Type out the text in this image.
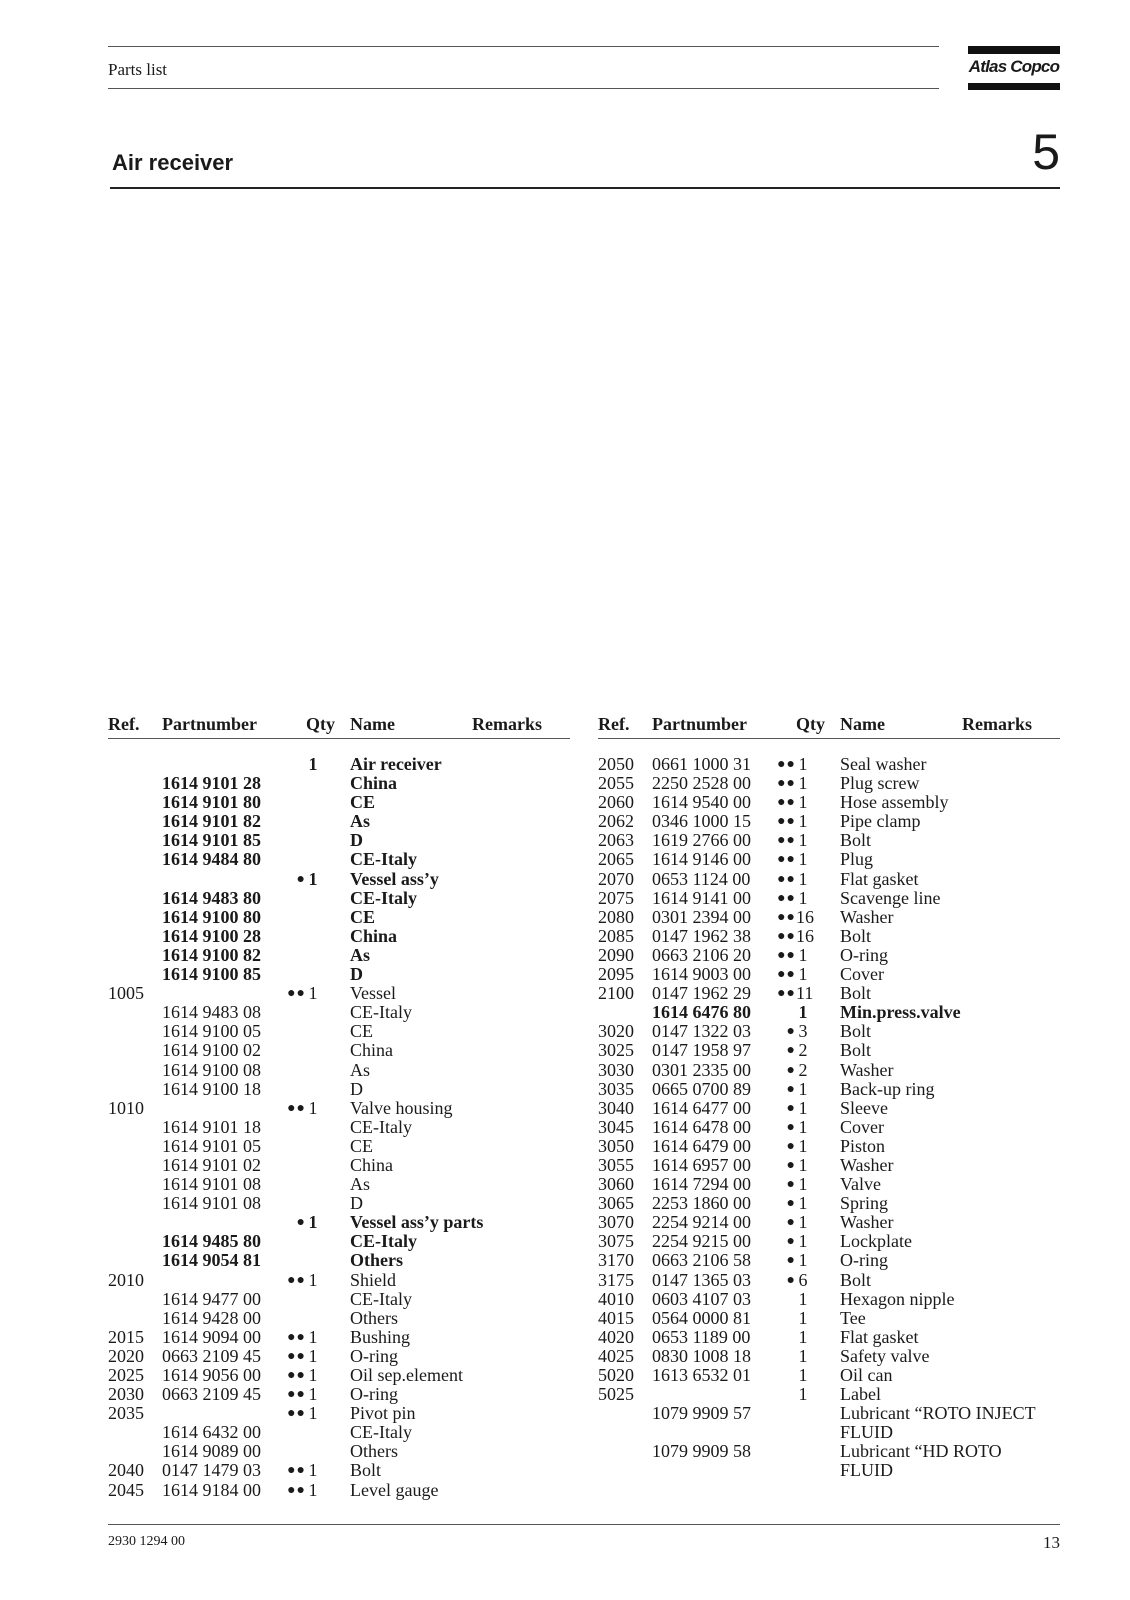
Parts list	Atlas Copco
Air receiver	5
Ref. Partnumber	Qty Name	Remarks
1 Air receiver
1614 9101 28	China
1614 9101 80	CE
1614 9101 82	As
1614 9101 85	D
1614 9484 80	CE-Italy
● 1 Vessel ass’y
1614 9483 80	CE-Italy
1614 9100 80	CE
1614 9100 28	China
1614 9100 82	As
1614 9100 85	D
1005	●● 1 Vessel
1614 9483 08	CE-Italy
1614 9100 05	CE
1614 9100 02	China
1614 9100 08	As
1614 9100 18	D
1010	●● 1 Valve housing
1614 9101 18	CE-Italy
1614 9101 05	CE
1614 9101 02	China
1614 9101 08	As
1614 9101 08	D
● 1 Vessel ass’y parts
1614 9485 80	CE-Italy
1614 9054 81	Others
2010	●● 1 Shield
1614 9477 00	CE-Italy
1614 9428 00	Others
2015 1614 9094 00	●● 1 Bushing
2020 0663 2109 45	●● 1 O-ring
2025 1614 9056 00	●● 1 Oil sep.element
2030 0663 2109 45	●● 1 O-ring
2035	●● 1 Pivot pin
1614 6432 00	CE-Italy
1614 9089 00	Others
2040 0147 1479 03	●● 1 Bolt
2045 1614 9184 00	●● 1 Level gauge
Ref. Partnumber	Qty Name	Remarks
2050 0661 1000 31	●● 1 Seal washer
2055 2250 2528 00	●● 1 Plug screw
2060 1614 9540 00	●● 1 Hose assembly
2062 0346 1000 15	●● 1 Pipe clamp
2063 1619 2766 00	●● 1 Bolt
2065 1614 9146 00	●● 1 Plug
2070 0653 1124 00	●● 1 Flat gasket
2075 1614 9141 00	●● 1 Scavenge line
2080 0301 2394 00	●● 16 Washer
2085 0147 1962 38	●● 16 Bolt
2090 0663 2106 20	●● 1 O-ring
2095 1614 9003 00	●● 1 Cover
2100 0147 1962 29	●● 11 Bolt
1614 6476 80	1 Min.press.valve
3020 0147 1322 03	● 3 Bolt
3025 0147 1958 97	● 2 Bolt
3030 0301 2335 00	● 2 Washer
3035 0665 0700 89	● 1 Back-up ring
3040 1614 6477 00	● 1 Sleeve
3045 1614 6478 00	● 1 Cover
3050 1614 6479 00	● 1 Piston
3055 1614 6957 00	● 1 Washer
3060 1614 7294 00	● 1 Valve
3065 2253 1860 00	● 1 Spring
3070 2254 9214 00	● 1 Washer
3075 2254 9215 00	● 1 Lockplate
3170 0663 2106 58	● 1 O-ring
3175 0147 1365 03	● 6 Bolt
4010 0603 4107 03	1 Hexagon nipple
4015 0564 0000 81	1 Tee
4020 0653 1189 00	1 Flat gasket
4025 0830 1008 18	1 Safety valve
5020 1613 6532 01	1 Oil can
5025	1 Label
1079 9909 57	Lubricant “ROTO INJECT
FLUID
1079 9909 58	Lubricant “HD ROTO
FLUID
2930 1294 00	13
